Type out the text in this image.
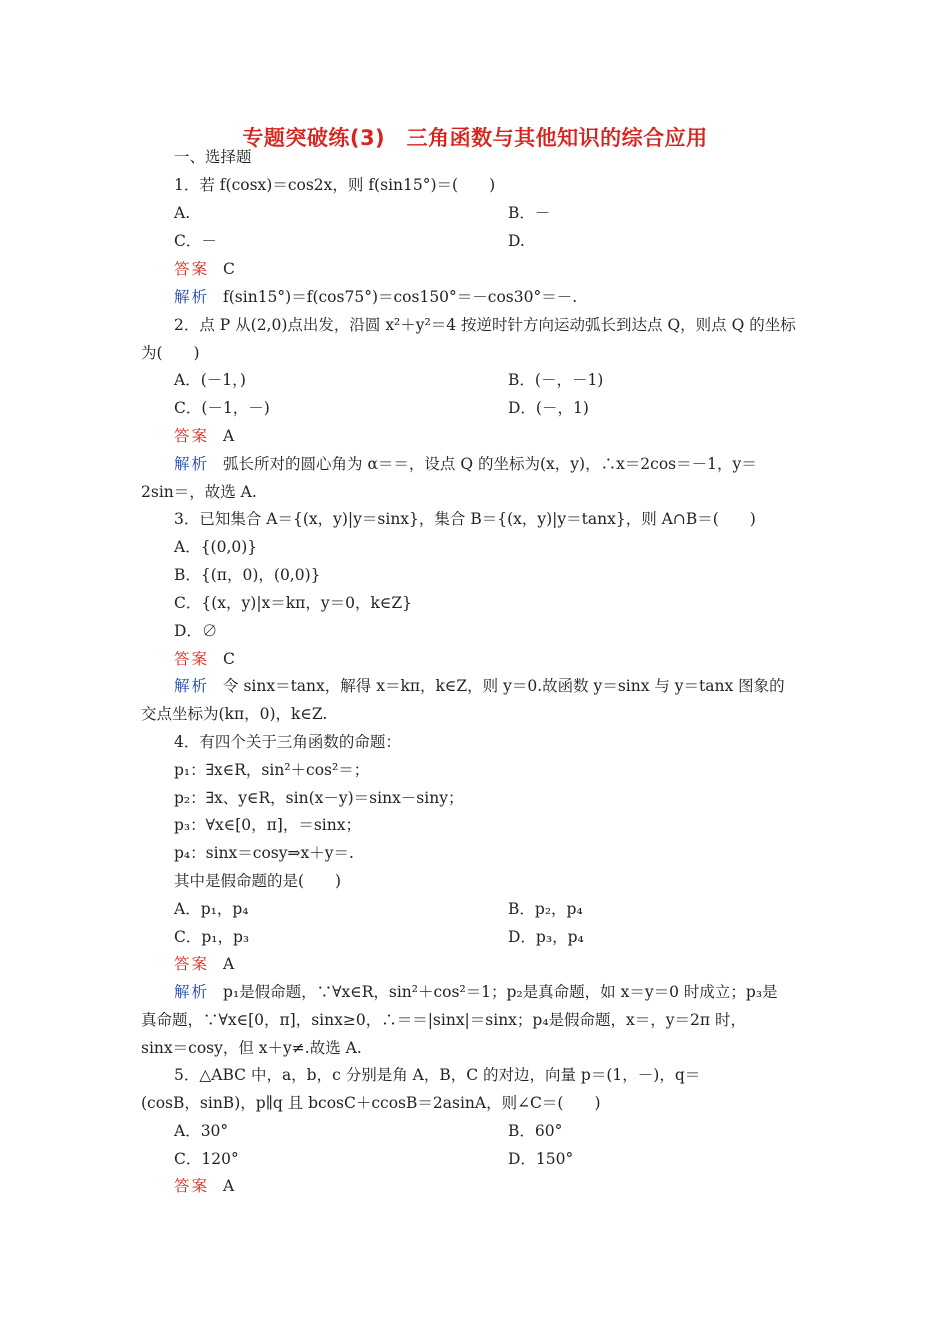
专题突破练(3)　三角函数与其他知识的综合应用
一、选择题
1．若 f(cosx)＝cos2x，则 f(sin15°)＝(　　)
A.	B．－
C．－	D.
答案 C
解析 f(sin15°)＝f(cos75°)＝cos150°＝－cos30°＝－.
2．点 P 从(2,0)点出发，沿圆 x²＋y²＝4 按逆时针方向运动弧长到达点 Q，则点 Q 的坐标
为(　　)
A．(－1，)	B．(－，－1)
C．(－1，－)	D．(－，1)
答案 A
解析 弧长所对的圆心角为 α＝＝，设点 Q 的坐标为(x，y)，∴x＝2cos＝－1，y＝
2sin＝，故选 A.
3．已知集合 A＝{(x，y)|y＝sinx}，集合 B＝{(x，y)|y＝tanx}，则 A∩B＝(　　)
A．{(0,0)}
B．{(π，0)，(0,0)}
C．{(x，y)|x＝kπ，y＝0，k∈Z}
D．∅
答案 C
解析 令 sinx＝tanx，解得 x＝kπ，k∈Z，则 y＝0.故函数 y＝sinx 与 y＝tanx 图象的
交点坐标为(kπ，0)，k∈Z.
4．有四个关于三角函数的命题：
p₁：∃x∈R，sin²＋cos²＝；
p₂：∃x、y∈R，sin(x－y)＝sinx－siny；
p₃：∀x∈[0，π]，＝sinx；
p₄：sinx＝cosy⇒x＋y＝.
其中是假命题的是(　　)
A．p₁，p₄	B．p₂，p₄
C．p₁，p₃	D．p₃，p₄
答案 A
解析 p₁是假命题，∵∀x∈R，sin²＋cos²＝1；p₂是真命题，如 x＝y＝0 时成立；p₃是
真命题，∵∀x∈[0，π]，sinx≥0，∴＝＝|sinx|＝sinx；p₄是假命题，x＝，y＝2π 时，
sinx＝cosy，但 x＋y≠.故选 A.
5．△ABC 中，a，b，c 分别是角 A，B，C 的对边，向量 p＝(1，－)，q＝
(cosB，sinB)，p∥q 且 bcosC＋ccosB＝2asinA，则∠C＝(　　)
A．30°	B．60°
C．120°	D．150°
答案 A
